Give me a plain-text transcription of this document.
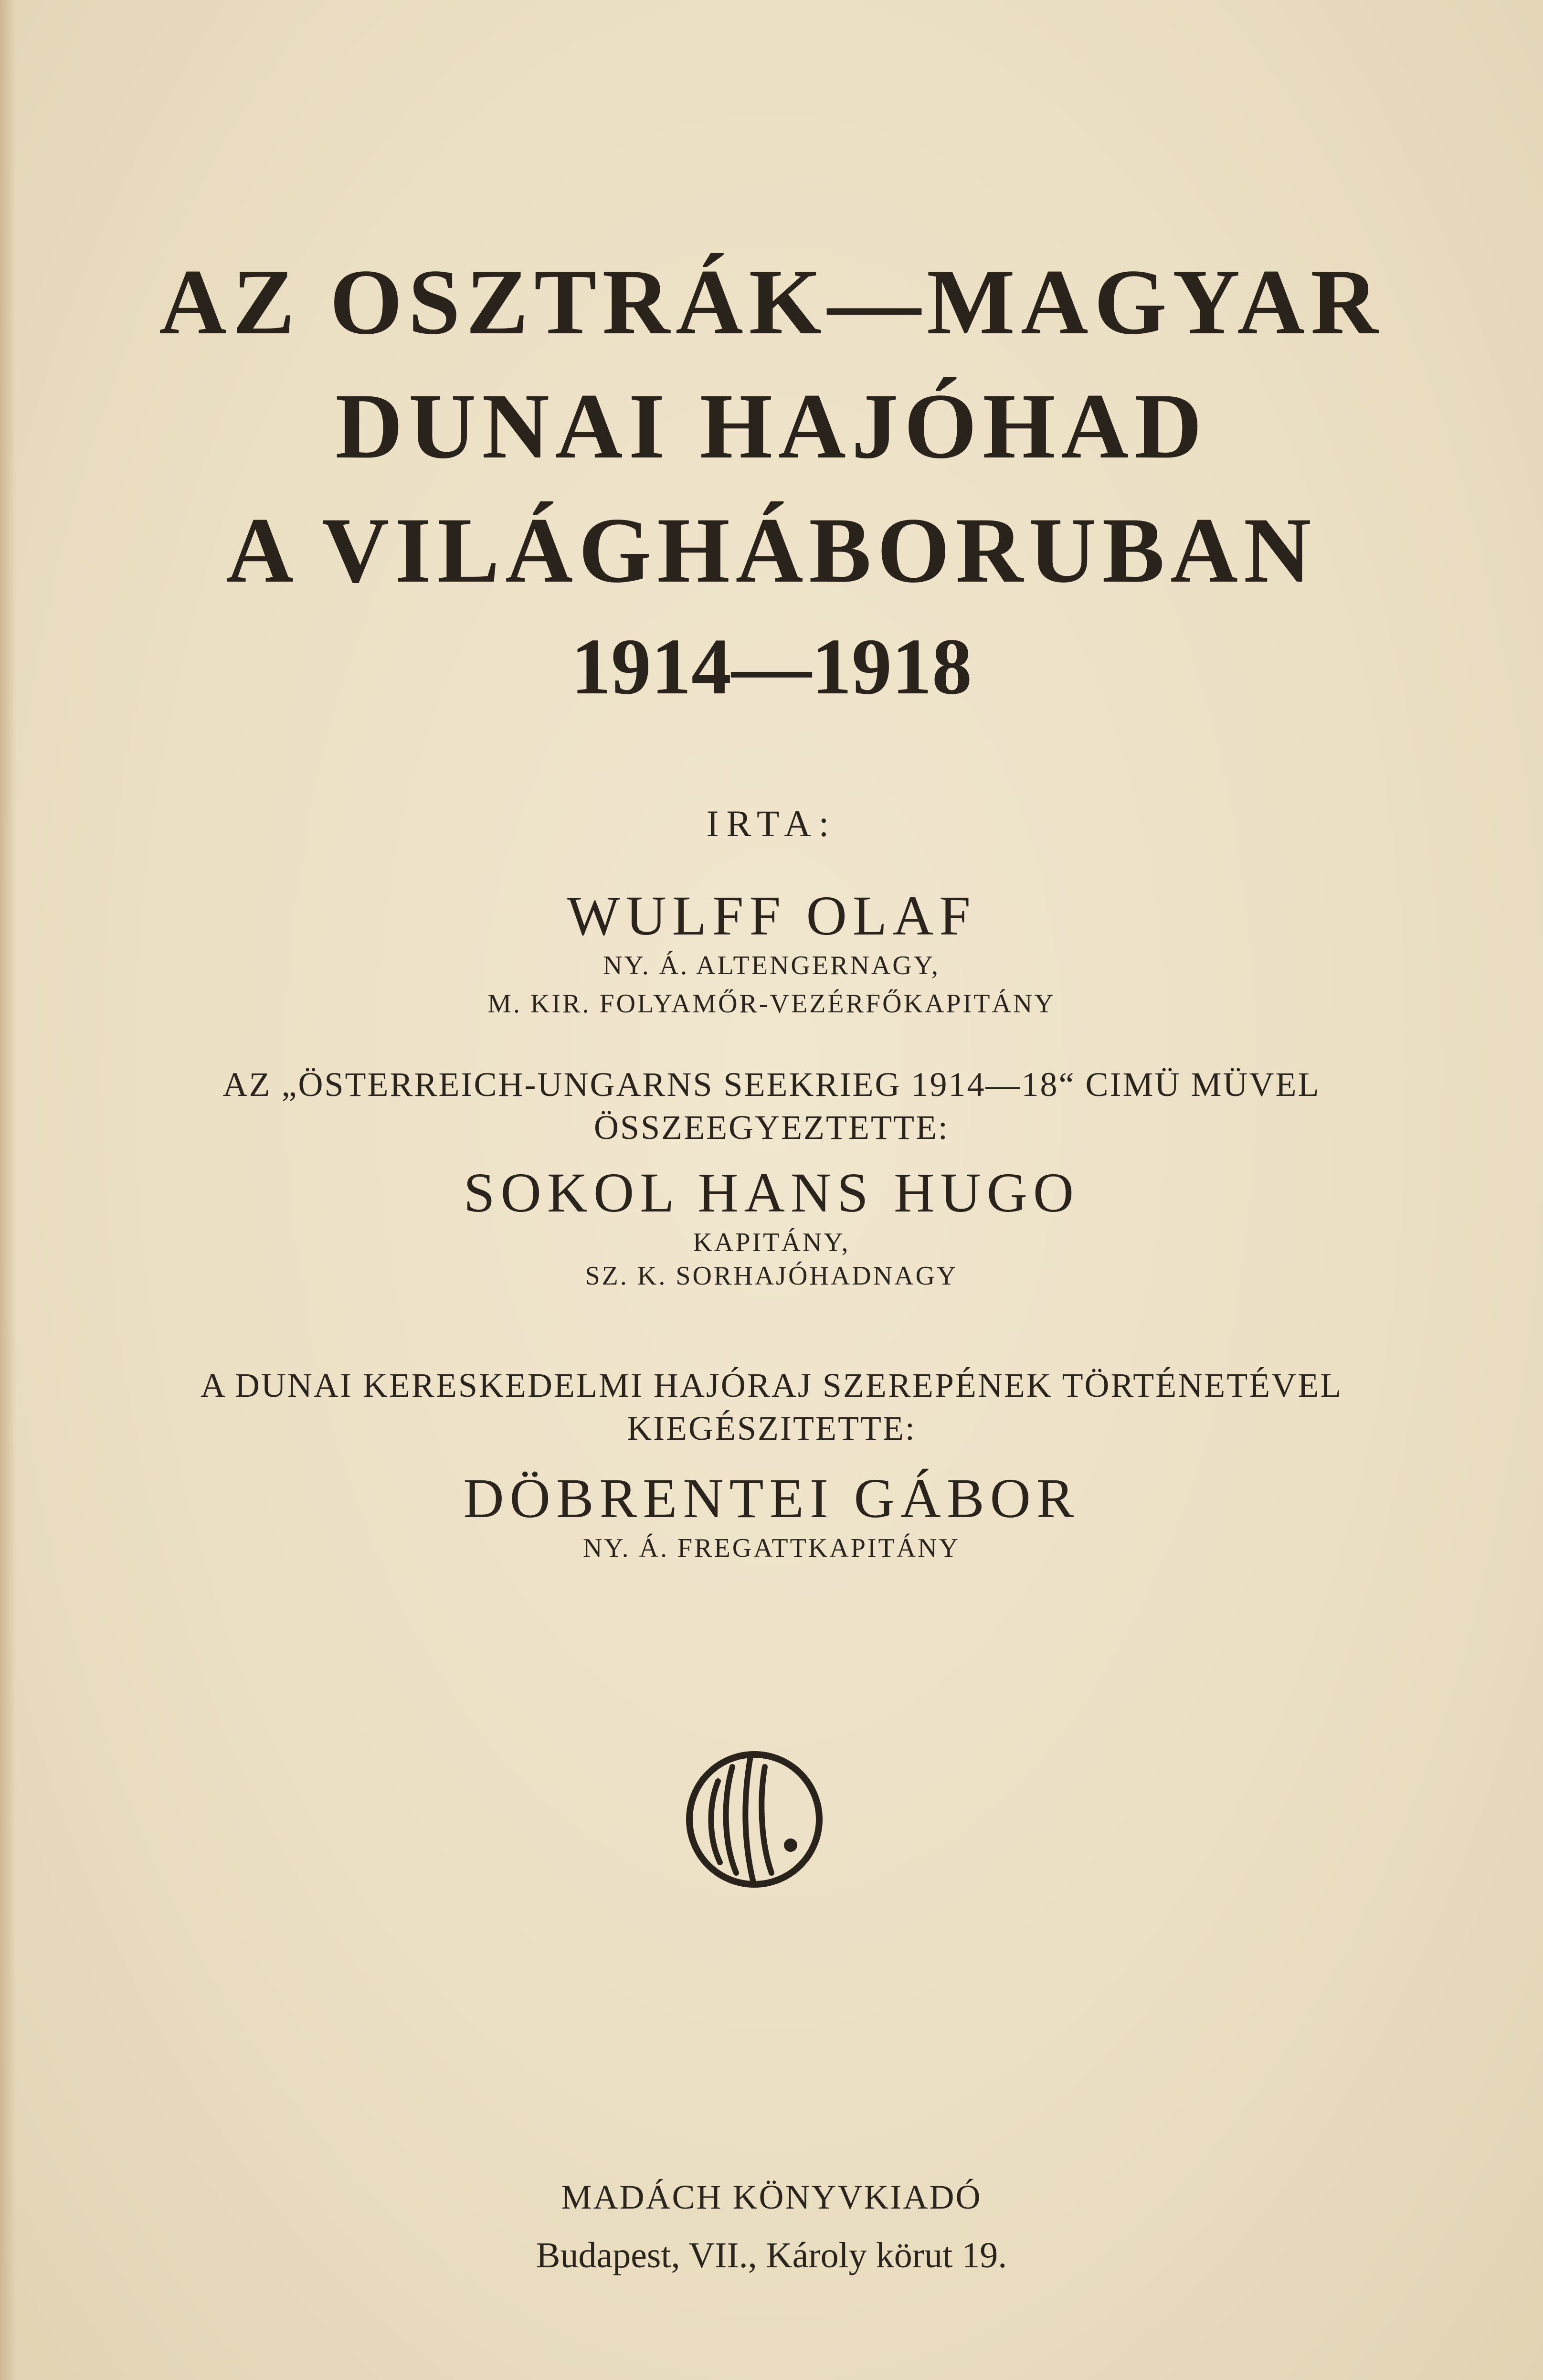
AZ OSZTRÁK—MAGYAR
DUNAI HAJÓHAD
A VILÁGHÁBORUBAN
1914—1918
IRTA:
WULFF OLAF
NY. Á. ALTENGERNAGY,
M. KIR. FOLYAMŐR-VEZÉRFŐKAPITÁNY
AZ „ÖSTERREICH-UNGARNS SEEKRIEG 1914—18“ CIMÜ MÜVEL
ÖSSZEEGYEZTETTE:
SOKOL HANS HUGO
KAPITÁNY,
SZ. K. SORHAJÓHADNAGY
A DUNAI KERESKEDELMI HAJÓRAJ SZEREPÉNEK TÖRTÉNETÉVEL
KIEGÉSZITETTE:
DÖBRENTEI GÁBOR
NY. Á. FREGATTKAPITÁNY
MADÁCH KÖNYVKIADÓ
Budapest, VII., Károly körut 19.
